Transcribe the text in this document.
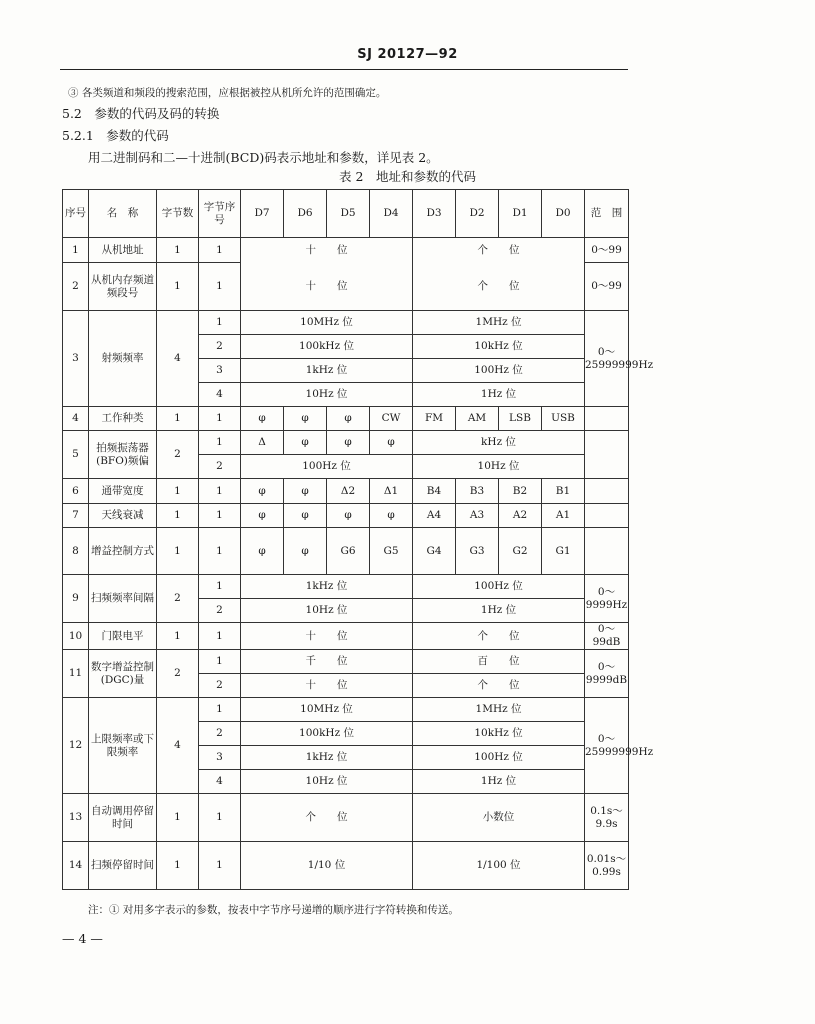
SJ 20127—92
③ 各类频道和频段的搜索范围，应根据被控从机所允许的范围确定。
5.2　参数的代码及码的转换
5.2.1　参数的代码
用二进制码和二—十进制(BCD)码表示地址和参数，详见表 2。
表 2　地址和参数的代码
序号	名　称	字节数	字节序号	D7	D6	D5	D4	D3	D2	D1	D0	范　围
1	从机地址	1	1	十　　位				个　　位				0～99
2	从机内存频道频段号	1	1	十　　位				个　　位				0～99
3	射频频率	4	1	10MHz 位				1MHz 位				0～25999999Hz
			2	100kHz 位				10kHz 位				
			3	1kHz 位				100Hz 位				
			4	10Hz 位				1Hz 位				
4	工作种类	1	1	φ	φ	φ	CW	FM	AM	LSB	USB	
5	拍频振荡器(BFO)频偏	2	1	Δ	φ	φ	φ	kHz 位				
			2	100Hz 位				10Hz 位				
6	通带宽度	1	1	φ	φ	Δ2	Δ1	B4	B3	B2	B1	
7	天线衰减	1	1	φ	φ	φ	φ	A4	A3	A2	A1	
8	增益控制方式	1	1	φ	φ	G6	G5	G4	G3	G2	G1	
9	扫频频率间隔	2	1	1kHz 位				100Hz 位				0～9999Hz
			2	10Hz 位				1Hz 位				
10	门限电平	1	1	十　　位				个　　位				0～99dB
11	数字增益控制(DGC)量	2	1	千　　位				百　　位				0～9999dB
			2	十　　位				个　　位				
12	上限频率或下限频率	4	1	10MHz 位				1MHz 位				0～25999999Hz
			2	100kHz 位				10kHz 位				
			3	1kHz 位				100Hz 位				
			4	10Hz 位				1Hz 位				
13	自动调用停留时间	1	1	个　　位				小数位				0.1s～9.9s
14	扫频停留时间	1	1	1/10 位				1/100 位				0.01s～0.99s
注：① 对用多字表示的参数，按表中字节序号递增的顺序进行字符转换和传送。
— 4 —
